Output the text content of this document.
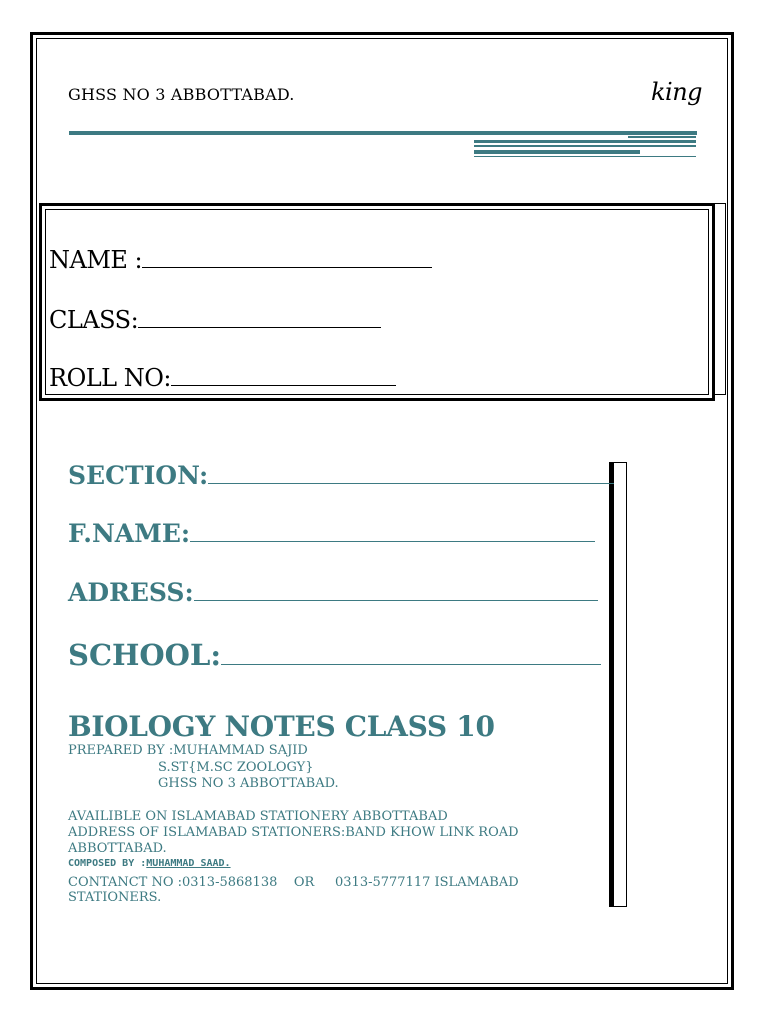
GHSS NO 3 ABBOTTABAD.	king
NAME :
CLASS:
ROLL NO:
SECTION:
F.NAME:
ADRESS:
SCHOOL:
BIOLOGY NOTES CLASS 10
PREPARED BY :MUHAMMAD SAJID
S.ST{M.SC ZOOLOGY}
GHSS NO 3 ABBOTTABAD.
AVAILIBLE ON ISLAMABAD STATIONERY ABBOTTABAD
ADDRESS OF ISLAMABAD STATIONERS:BAND KHOW LINK ROAD
ABBOTTABAD.
COMPOSED BY :MUHAMMAD SAAD.
CONTANCT NO :0313-5868138    OR     0313-5777117 ISLAMABAD
STATIONERS.
